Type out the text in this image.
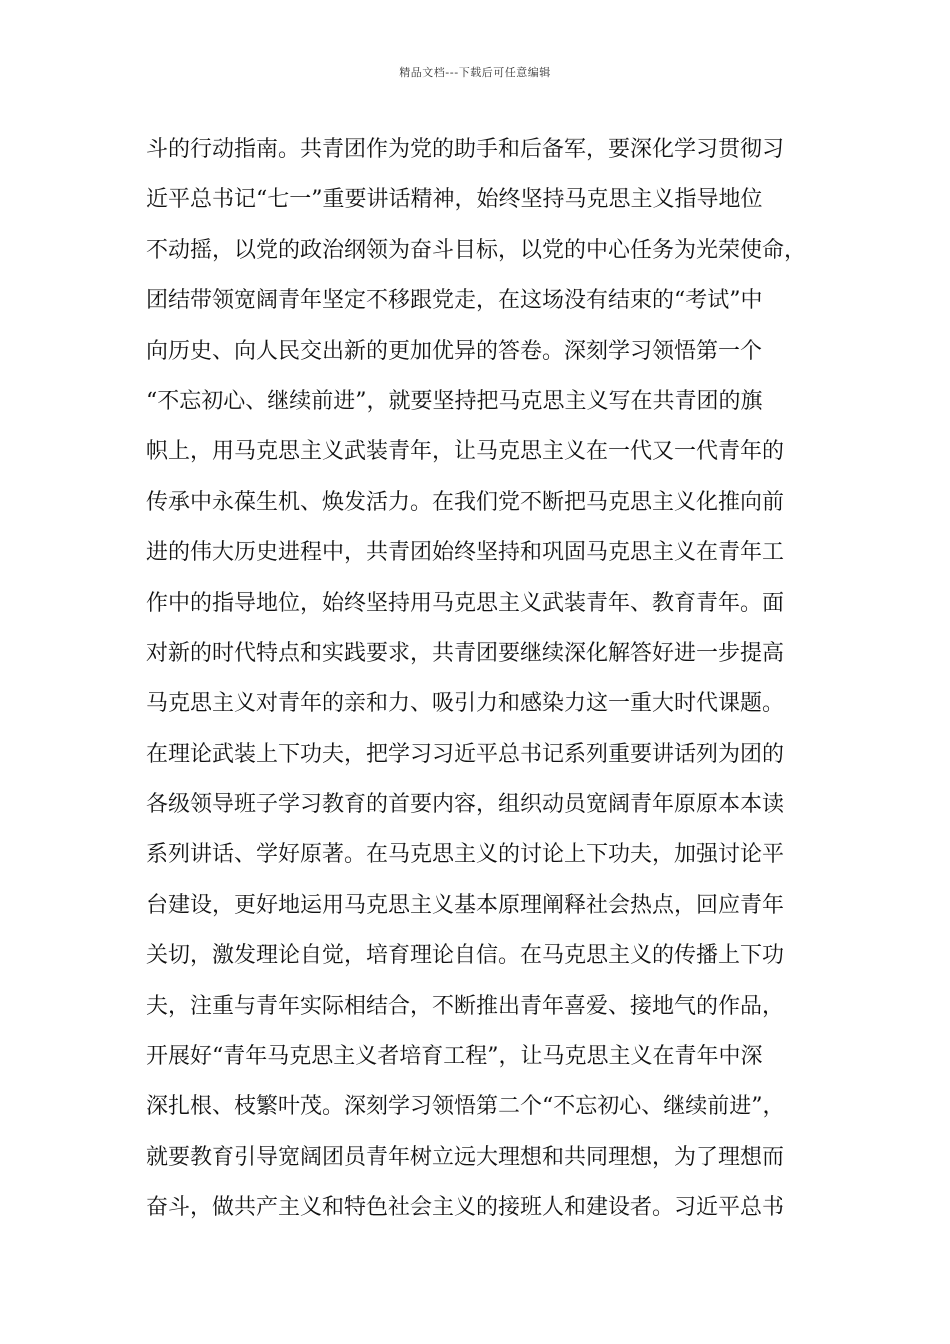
精品文档---下载后可任意编辑
斗的行动指南。共青团作为党的助手和后备军，要深化学习贯彻习
近平总书记“七一”重要讲话精神，始终坚持马克思主义指导地位
不动摇，以党的政治纲领为奋斗目标，以党的中心任务为光荣使命，
团结带领宽阔青年坚定不移跟党走，在这场没有结束的“考试”中
向历史、向人民交出新的更加优异的答卷。深刻学习领悟第一个
“不忘初心、继续前进”，就要坚持把马克思主义写在共青团的旗
帜上，用马克思主义武装青年，让马克思主义在一代又一代青年的
传承中永葆生机、焕发活力。在我们党不断把马克思主义化推向前
进的伟大历史进程中，共青团始终坚持和巩固马克思主义在青年工
作中的指导地位，始终坚持用马克思主义武装青年、教育青年。面
对新的时代特点和实践要求，共青团要继续深化解答好进一步提高
马克思主义对青年的亲和力、吸引力和感染力这一重大时代课题。
在理论武装上下功夫，把学习习近平总书记系列重要讲话列为团的
各级领导班子学习教育的首要内容，组织动员宽阔青年原原本本读
系列讲话、学好原著。在马克思主义的讨论上下功夫，加强讨论平
台建设，更好地运用马克思主义基本原理阐释社会热点，回应青年
关切，激发理论自觉，培育理论自信。在马克思主义的传播上下功
夫，注重与青年实际相结合，不断推出青年喜爱、接地气的作品，
开展好“青年马克思主义者培育工程”，让马克思主义在青年中深
深扎根、枝繁叶茂。深刻学习领悟第二个“不忘初心、继续前进”，
就要教育引导宽阔团员青年树立远大理想和共同理想，为了理想而
奋斗，做共产主义和特色社会主义的接班人和建设者。习近平总书
